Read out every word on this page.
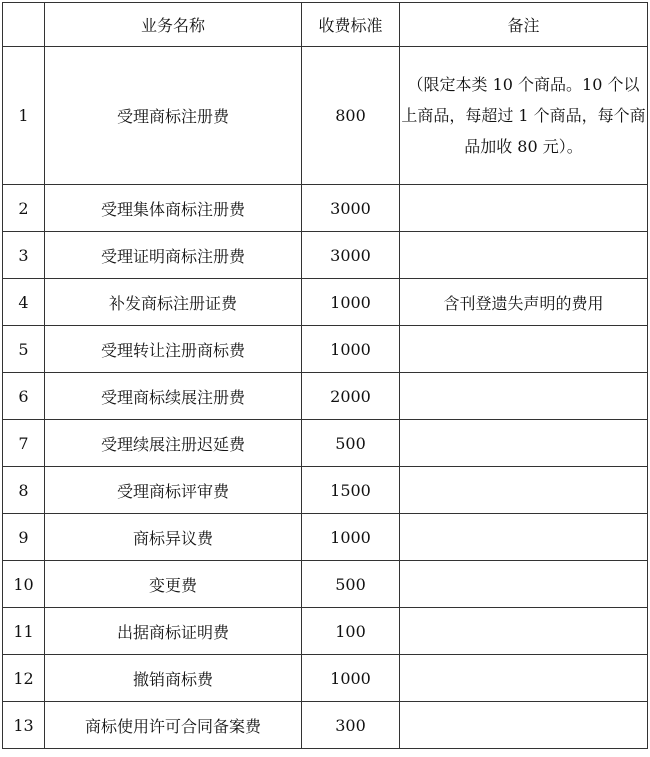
	业务名称	收费标准	备注
1	受理商标注册费	800	（限定本类 10 个商品。10 个以上商品，每超过 1 个商品，每个商品加收 80 元）。
2	受理集体商标注册费	3000	
3	受理证明商标注册费	3000	
4	补发商标注册证费	1000	含刊登遗失声明的费用
5	受理转让注册商标费	1000	
6	受理商标续展注册费	2000	
7	受理续展注册迟延费	500	
8	受理商标评审费	1500	
9	商标异议费	1000	
10	变更费	500	
11	出据商标证明费	100	
12	撤销商标费	1000	
13	商标使用许可合同备案费	300	
